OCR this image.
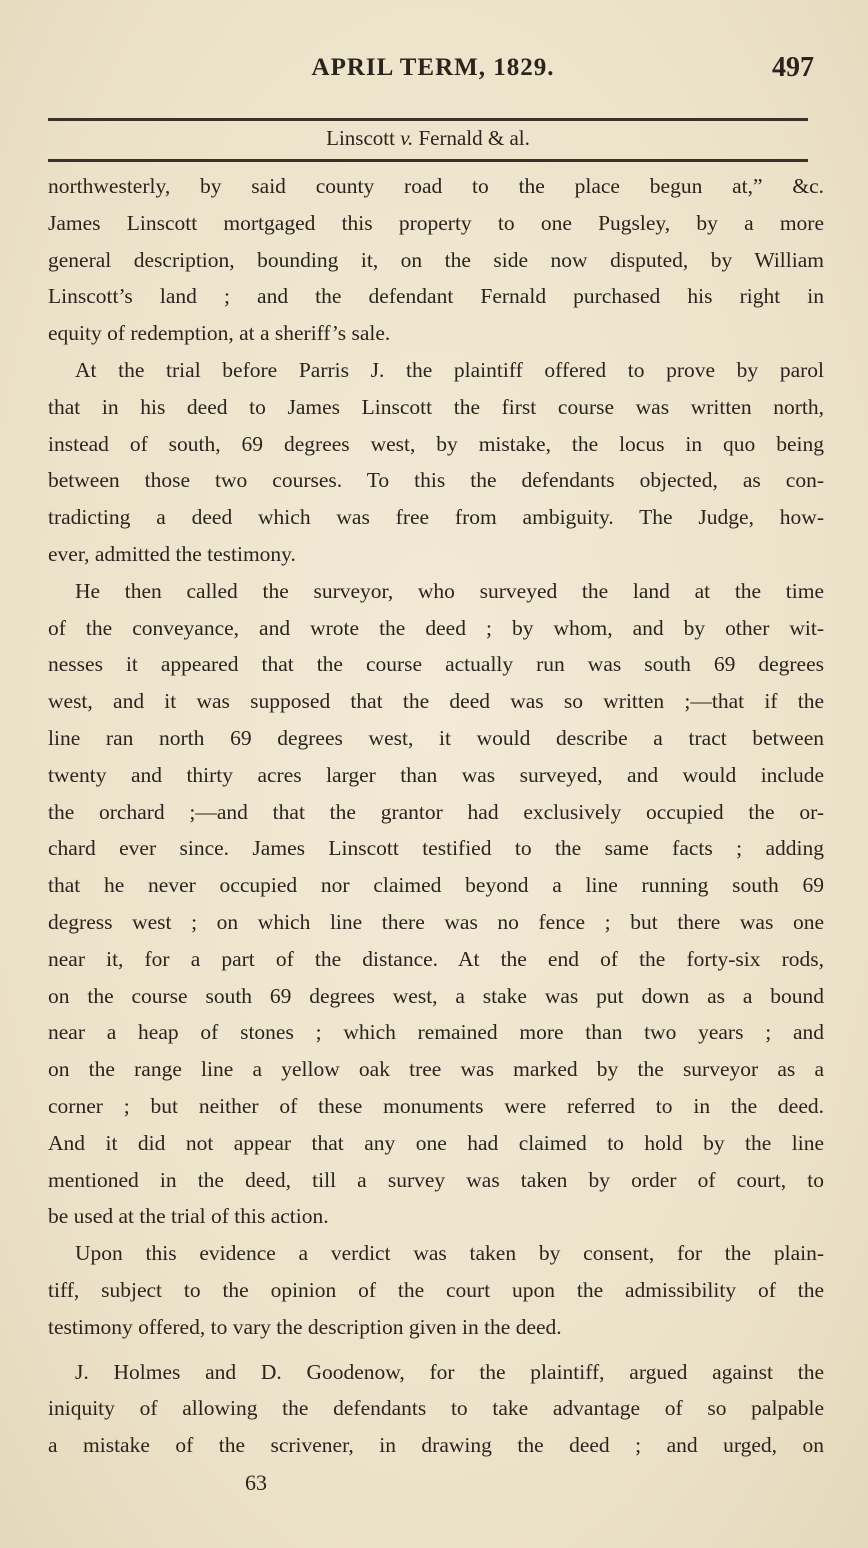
APRIL TERM, 1829.	497
Linscott v. Fernald & al.

northwesterly, by said county road to the place begun at,” &c.
James Linscott mortgaged this property to one Pugsley, by a more
general description, bounding it, on the side now disputed, by William
Linscott’s land ; and the defendant Fernald purchased his right in
equity of redemption, at a sheriff’s sale.

At the trial before Parris J. the plaintiff offered to prove by parol
that in his deed to James Linscott the first course was written north,
instead of south, 69 degrees west, by mistake, the locus in quo being
between those two courses. To this the defendants objected, as con-
tradicting a deed which was free from ambiguity. The Judge, how-
ever, admitted the testimony.

He then called the surveyor, who surveyed the land at the time
of the conveyance, and wrote the deed ; by whom, and by other wit-
nesses it appeared that the course actually run was south 69 degrees
west, and it was supposed that the deed was so written ;—that if the
line ran north 69 degrees west, it would describe a tract between
twenty and thirty acres larger than was surveyed, and would include
the orchard ;—and that the grantor had exclusively occupied the or-
chard ever since. James Linscott testified to the same facts ; adding
that he never occupied nor claimed beyond a line running south 69
degress west ; on which line there was no fence ; but there was one
near it, for a part of the distance. At the end of the forty-six rods,
on the course south 69 degrees west, a stake was put down as a bound
near a heap of stones ; which remained more than two years ; and
on the range line a yellow oak tree was marked by the surveyor as a
corner ; but neither of these monuments were referred to in the deed.
And it did not appear that any one had claimed to hold by the line
mentioned in the deed, till a survey was taken by order of court, to
be used at the trial of this action.

Upon this evidence a verdict was taken by consent, for the plain-
tiff, subject to the opinion of the court upon the admissibility of the
testimony offered, to vary the description given in the deed.

J. Holmes and D. Goodenow, for the plaintiff, argued against the
iniquity of allowing the defendants to take advantage of so palpable
a mistake of the scrivener, in drawing the deed ; and urged, on

63
